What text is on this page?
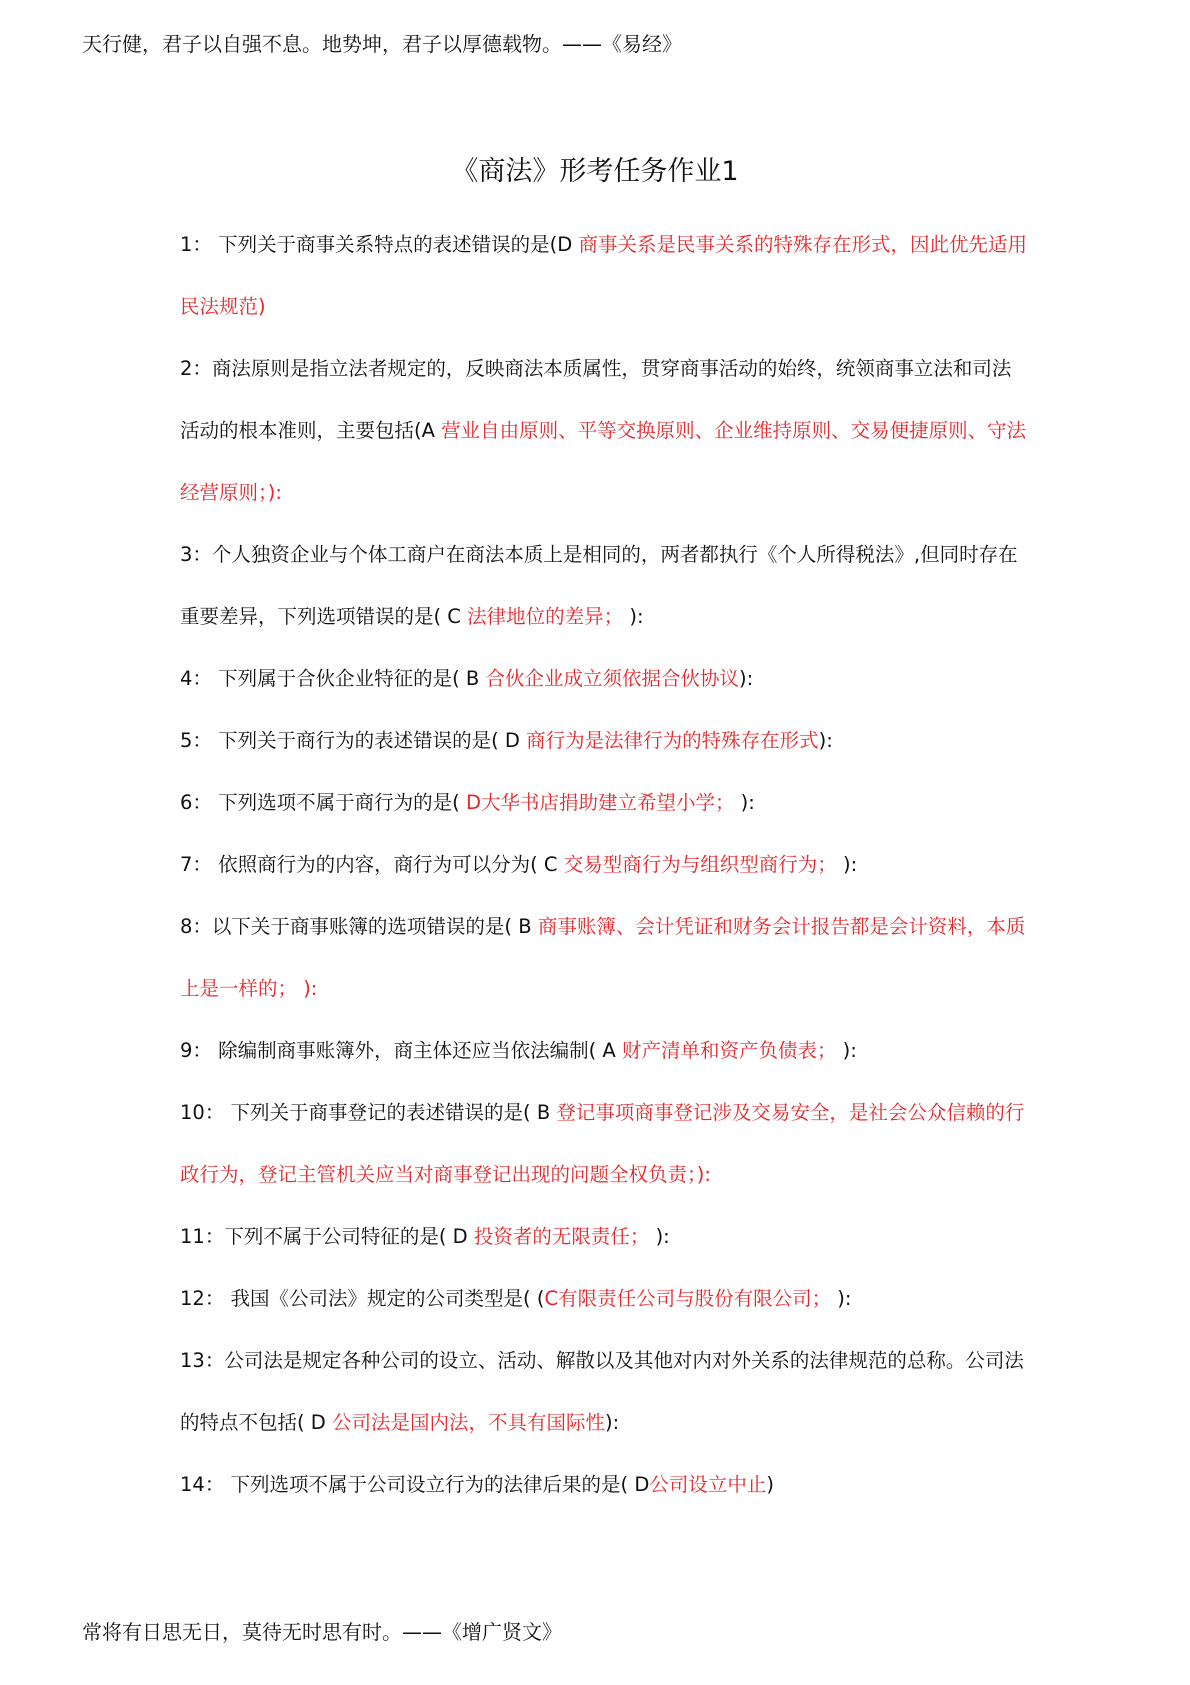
天行健，君子以自强不息。地势坤，君子以厚德载物。——《易经》
《商法》形考任务作业1

1： 下列关于商事关系特点的表述错误的是(D 商事关系是民事关系的特殊存在形式，因此优先适用民法规范)

2：商法原则是指立法者规定的，反映商法本质属性，贯穿商事活动的始终，统领商事立法和司法活动的根本准则，主要包括(A 营业自由原则、平等交换原则、企业维持原则、交易便捷原则、守法经营原则；):

3：个人独资企业与个体工商户在商法本质上是相同的，两者都执行《个人所得税法》,但同时存在重要差异，下列选项错误的是( C 法律地位的差异； ):

4： 下列属于合伙企业特征的是( B 合伙企业成立须依据合伙协议):

5： 下列关于商行为的表述错误的是( D 商行为是法律行为的特殊存在形式):

6： 下列选项不属于商行为的是( D大华书店捐助建立希望小学； ):

7： 依照商行为的内容，商行为可以分为( C 交易型商行为与组织型商行为； ):

8：以下关于商事账簿的选项错误的是( B 商事账簿、会计凭证和财务会计报告都是会计资料，本质上是一样的； ):

9： 除编制商事账簿外，商主体还应当依法编制( A 财产清单和资产负债表； ):

10： 下列关于商事登记的表述错误的是( B 登记事项商事登记涉及交易安全，是社会公众信赖的行政行为，登记主管机关应当对商事登记出现的问题全权负责；):

11：下列不属于公司特征的是( D 投资者的无限责任； ):

12： 我国《公司法》规定的公司类型是( (C有限责任公司与股份有限公司； ):

13：公司法是规定各种公司的设立、活动、解散以及其他对内对外关系的法律规范的总称。公司法的特点不包括( D 公司法是国内法，不具有国际性):

14： 下列选项不属于公司设立行为的法律后果的是( D公司设立中止)

常将有日思无日，莫待无时思有时。——《增广贤文》
